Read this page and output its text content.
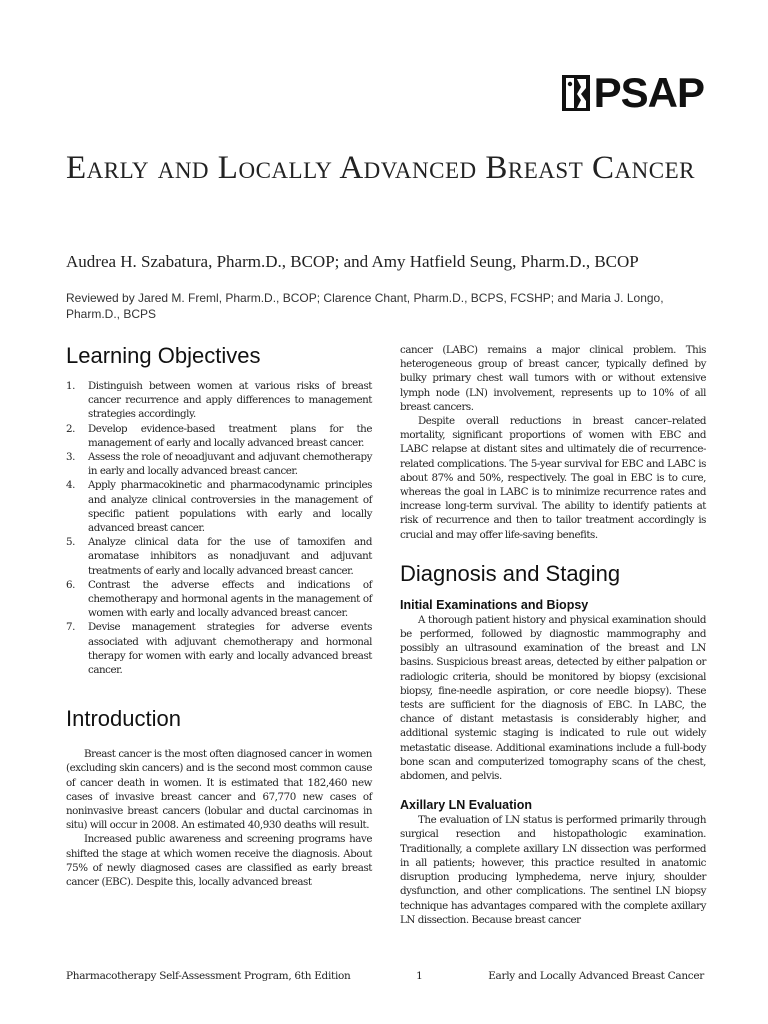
PSAP
Early and Locally Advanced Breast Cancer

Audrea H. Szabatura, Pharm.D., BCOP; and Amy Hatfield Seung, Pharm.D., BCOP

Reviewed by Jared M. Freml, Pharm.D., BCOP; Clarence Chant, Pharm.D., BCPS, FCSHP; and Maria J. Longo, Pharm.D., BCPS

Learning Objectives
1. Distinguish between women at various risks of breast cancer recurrence and apply differences to management strategies accordingly.
2. Develop evidence-based treatment plans for the management of early and locally advanced breast cancer.
3. Assess the role of neoadjuvant and adjuvant chemotherapy in early and locally advanced breast cancer.
4. Apply pharmacokinetic and pharmacodynamic principles and analyze clinical controversies in the management of specific patient populations with early and locally advanced breast cancer.
5. Analyze clinical data for the use of tamoxifen and aromatase inhibitors as nonadjuvant and adjuvant treatments of early and locally advanced breast cancer.
6. Contrast the adverse effects and indications of chemotherapy and hormonal agents in the management of women with early and locally advanced breast cancer.
7. Devise management strategies for adverse events associated with adjuvant chemotherapy and hormonal therapy for women with early and locally advanced breast cancer.
Introduction

Breast cancer is the most often diagnosed cancer in women (excluding skin cancers) and is the second most common cause of cancer death in women. It is estimated that 182,460 new cases of invasive breast cancer and 67,770 new cases of noninvasive breast cancers (lobular and ductal carcinomas in situ) will occur in 2008. An estimated 40,930 deaths will result.

Increased public awareness and screening programs have shifted the stage at which women receive the diagnosis. About 75% of newly diagnosed cases are classified as early breast cancer (EBC). Despite this, locally advanced breast

cancer (LABC) remains a major clinical problem. This heterogeneous group of breast cancer, typically defined by bulky primary chest wall tumors with or without extensive lymph node (LN) involvement, represents up to 10% of all breast cancers.

Despite overall reductions in breast cancer–related mortality, significant proportions of women with EBC and LABC relapse at distant sites and ultimately die of recurrence-related complications. The 5-year survival for EBC and LABC is about 87% and 50%, respectively. The goal in EBC is to cure, whereas the goal in LABC is to minimize recurrence rates and increase long-term survival. The ability to identify patients at risk of recurrence and then to tailor treatment accordingly is crucial and may offer life-saving benefits.

Diagnosis and Staging
Initial Examinations and Biopsy

A thorough patient history and physical examination should be performed, followed by diagnostic mammography and possibly an ultrasound examination of the breast and LN basins. Suspicious breast areas, detected by either palpation or radiologic criteria, should be monitored by biopsy (excisional biopsy, fine-needle aspiration, or core needle biopsy). These tests are sufficient for the diagnosis of EBC. In LABC, the chance of distant metastasis is considerably higher, and additional systemic staging is indicated to rule out widely metastatic disease. Additional examinations include a full-body bone scan and computerized tomography scans of the chest, abdomen, and pelvis.

Axillary LN Evaluation

The evaluation of LN status is performed primarily through surgical resection and histopathologic examination. Traditionally, a complete axillary LN dissection was performed in all patients; however, this practice resulted in anatomic disruption producing lymphedema, nerve injury, shoulder dysfunction, and other complications. The sentinel LN biopsy technique has advantages compared with the complete axillary LN dissection. Because breast cancer

Pharmacotherapy Self-Assessment Program, 6th Edition	1	Early and Locally Advanced Breast Cancer
